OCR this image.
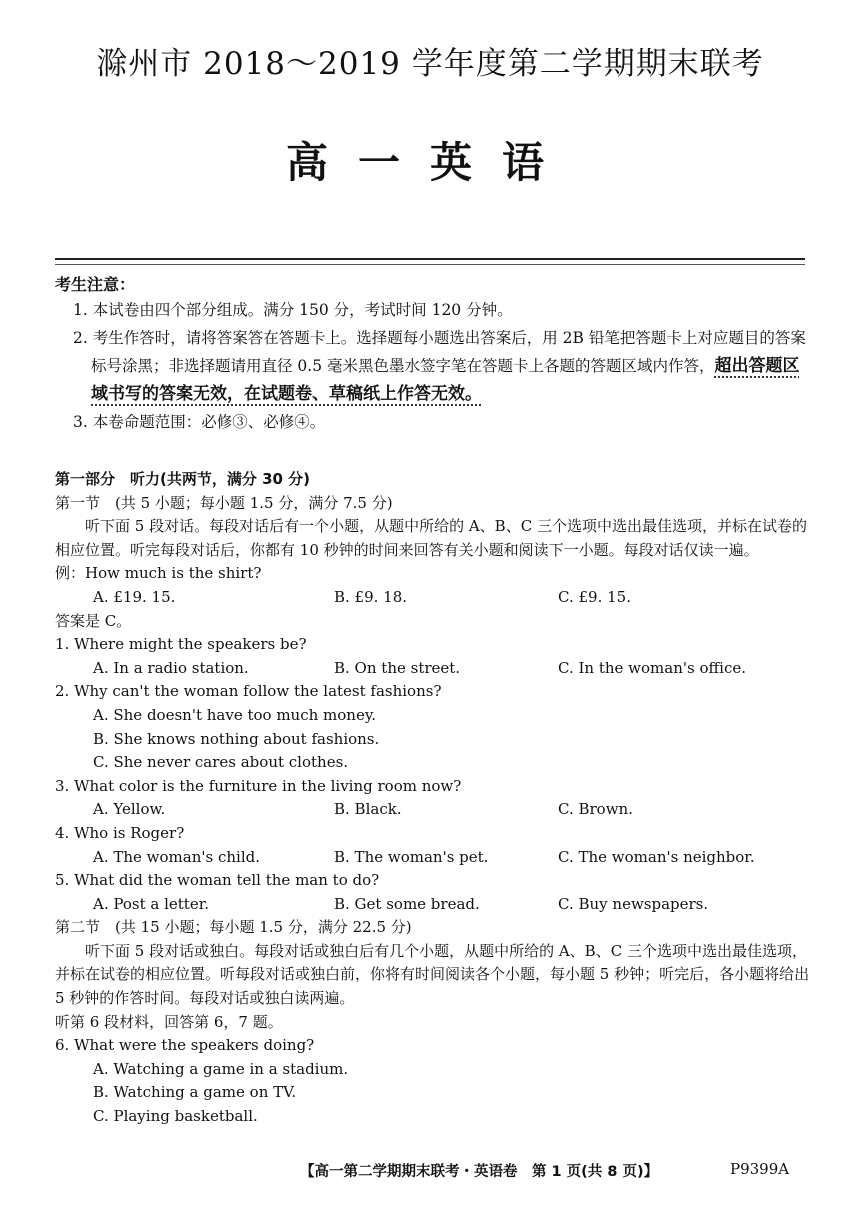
滁州市 2018～2019 学年度第二学期期末联考
高一英语
考生注意：

1. 本试卷由四个部分组成。满分 150 分，考试时间 120 分钟。

2. 考生作答时，请将答案答在答题卡上。选择题每小题选出答案后，用 2B 铅笔把答题卡上对应题目的答案标号涂黑；非选择题请用直径 0.5 毫米黑色墨水签字笔在答题卡上各题的答题区域内作答，超出答题区域书写的答案无效，在试题卷、草稿纸上作答无效。

3. 本卷命题范围：必修③、必修④。

第一部分　听力(共两节，满分 30 分)

第一节　(共 5 小题；每小题 1.5 分，满分 7.5 分)

听下面 5 段对话。每段对话后有一个小题，从题中所给的 A、B、C 三个选项中选出最佳选项，并标在试卷的相应位置。听完每段对话后，你都有 10 秒钟的时间来回答有关小题和阅读下一小题。每段对话仅读一遍。

例：How much is the shirt?

A. £19. 15.	B. £9. 18.	C. £9. 15.

答案是 C。

1. Where might the speakers be?

A. In a radio station.	B. On the street.	C. In the woman's office.

2. Why can't the woman follow the latest fashions?

A. She doesn't have too much money.

B. She knows nothing about fashions.

C. She never cares about clothes.

3. What color is the furniture in the living room now?

A. Yellow.	B. Black.	C. Brown.

4. Who is Roger?

A. The woman's child.	B. The woman's pet.	C. The woman's neighbor.

5. What did the woman tell the man to do?

A. Post a letter.	B. Get some bread.	C. Buy newspapers.

第二节　(共 15 小题；每小题 1.5 分，满分 22.5 分)

听下面 5 段对话或独白。每段对话或独白后有几个小题，从题中所给的 A、B、C 三个选项中选出最佳选项，并标在试卷的相应位置。听每段对话或独白前，你将有时间阅读各个小题，每小题 5 秒钟；听完后，各小题将给出 5 秒钟的作答时间。每段对话或独白读两遍。

听第 6 段材料，回答第 6，7 题。

6. What were the speakers doing?

A. Watching a game in a stadium.

B. Watching a game on TV.

C. Playing basketball.

【高一第二学期期末联考・英语卷　第 1 页(共 8 页)】	P9399A
